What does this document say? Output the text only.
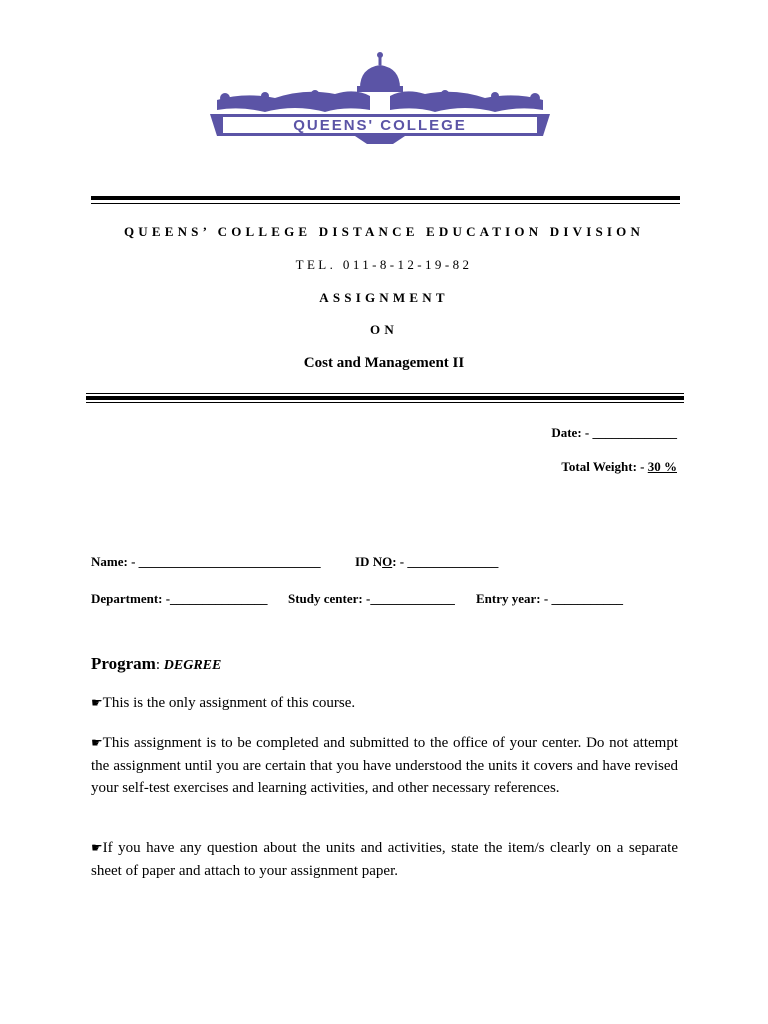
QUEENS' COLLEGE
QUEENS’ COLLEGE DISTANCE EDUCATION DIVISION
TEL. 011-8-12-19-82
ASSIGNMENT
ON
Cost and Management II
Date: - _____________
Total Weight: - 30 %
Name: - ____________________________	ID NO: - ______________
Department: -_______________ Study center: -_____________ Entry year: - ___________
Program: DEGREE
☛This is the only assignment of this course.
☛This assignment is to be completed and submitted to the office of your center. Do not attempt the assignment until you are certain that you have understood the units it covers and have revised your self-test exercises and learning activities, and other necessary references.
☛If you have any question about the units and activities, state the item/s clearly on a separate sheet of paper and attach to your assignment paper.
